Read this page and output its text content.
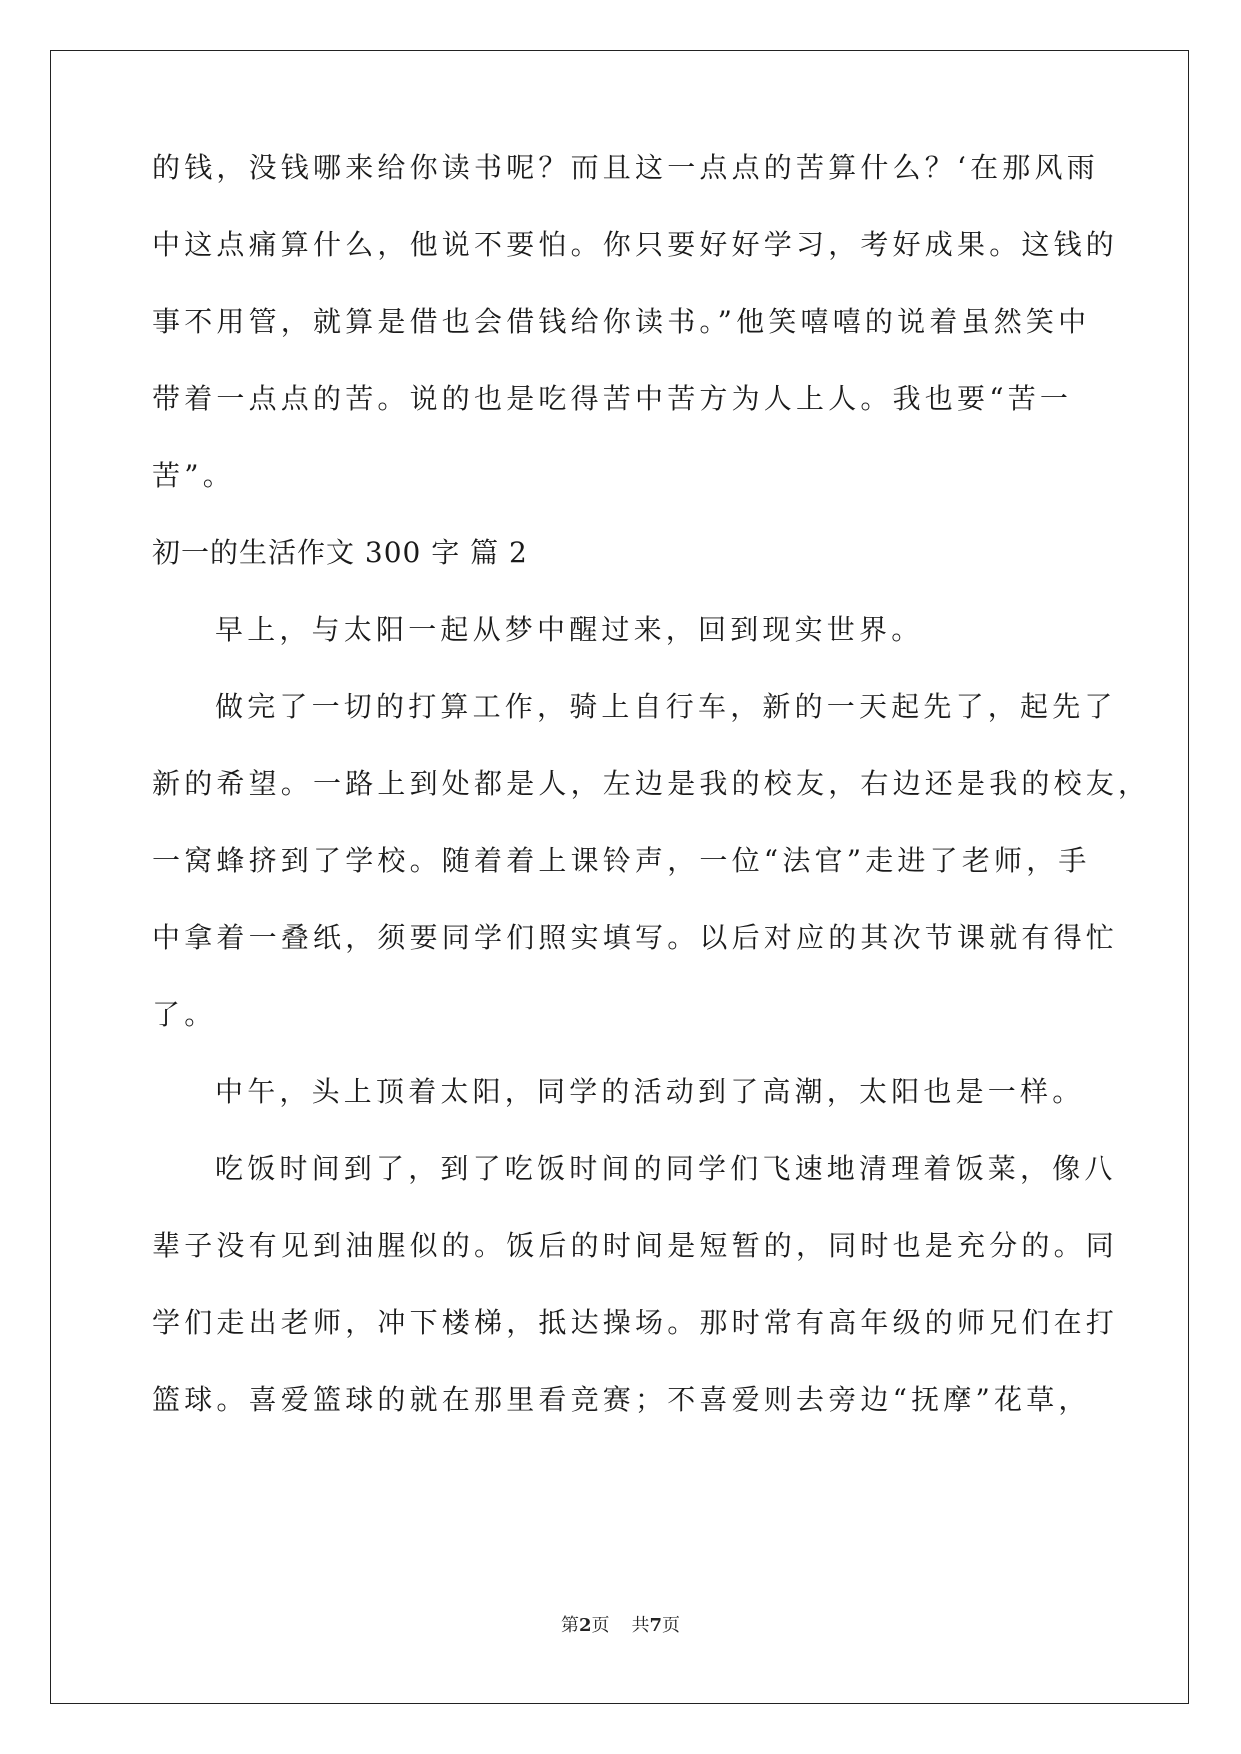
的钱，没钱哪来给你读书呢？而且这一点点的苦算什么？‘在那风雨
中这点痛算什么，他说不要怕。你只要好好学习，考好成果。这钱的
事不用管，就算是借也会借钱给你读书。”他笑嘻嘻的说着虽然笑中
带着一点点的苦。说的也是吃得苦中苦方为人上人。我也要“苦一
苦”。
初一的生活作文 300 字 篇 2
早上，与太阳一起从梦中醒过来，回到现实世界。
做完了一切的打算工作，骑上自行车，新的一天起先了，起先了
新的希望。一路上到处都是人，左边是我的校友，右边还是我的校友，
一窝蜂挤到了学校。随着着上课铃声，一位“法官”走进了老师，手
中拿着一叠纸，须要同学们照实填写。以后对应的其次节课就有得忙
了。
中午，头上顶着太阳，同学的活动到了高潮，太阳也是一样。
吃饭时间到了，到了吃饭时间的同学们飞速地清理着饭菜，像八
辈子没有见到油腥似的。饭后的时间是短暂的，同时也是充分的。同
学们走出老师，冲下楼梯，抵达操场。那时常有高年级的师兄们在打
篮球。喜爱篮球的就在那里看竞赛；不喜爱则去旁边“抚摩”花草，
第2页 共7页
